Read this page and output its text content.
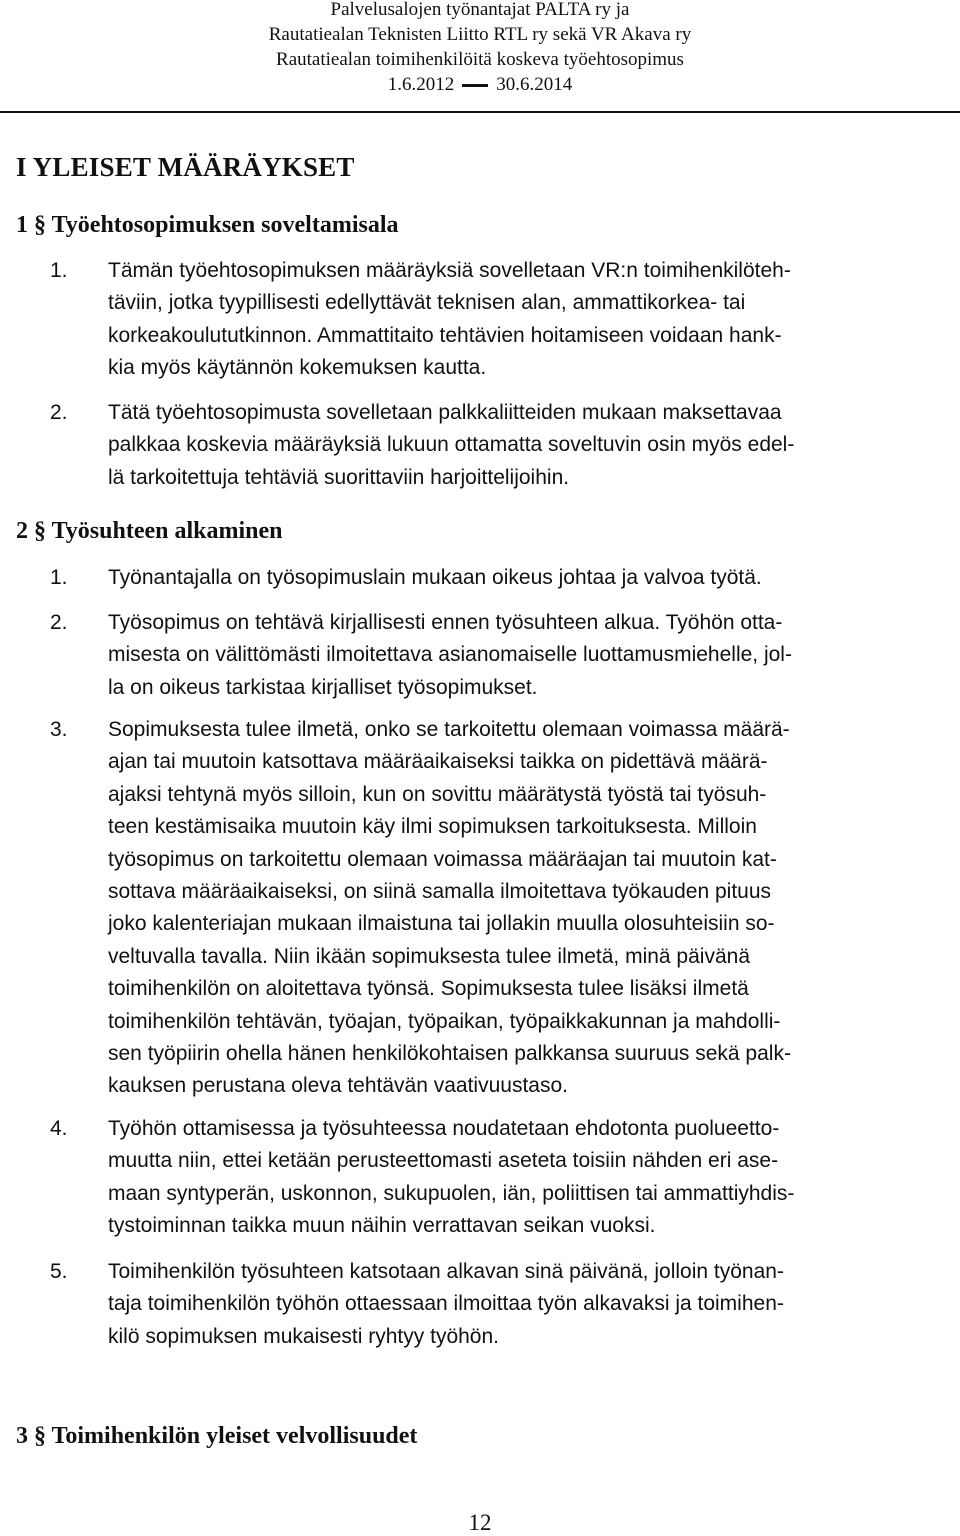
Palvelusalojen työnantajat PALTA ry ja
Rautatiealan Teknisten Liitto RTL ry sekä VR Akava ry
Rautatiealan toimihenkilöitä koskeva työehtosopimus
1.6.2012 30.6.2014
I YLEISET MÄÄRÄYKSET
1 § Työehtosopimuksen soveltamisala
1. Tämän työehtosopimuksen määräyksiä sovelletaan VR:n toimihenkilöteh-
täviin, jotka tyypillisesti edellyttävät teknisen alan, ammattikorkea- tai
korkeakoulututkinnon. Ammattitaito tehtävien hoitamiseen voidaan hank-
kia myös käytännön kokemuksen kautta.
2. Tätä työehtosopimusta sovelletaan palkkaliitteiden mukaan maksettavaa
palkkaa koskevia määräyksiä lukuun ottamatta soveltuvin osin myös edel-
lä tarkoitettuja tehtäviä suorittaviin harjoittelijoihin.
2 § Työsuhteen alkaminen
1. Työnantajalla on työsopimuslain mukaan oikeus johtaa ja valvoa työtä.
2. Työsopimus on tehtävä kirjallisesti ennen työsuhteen alkua. Työhön otta-
misesta on välittömästi ilmoitettava asianomaiselle luottamusmiehelle, jol-
la on oikeus tarkistaa kirjalliset työsopimukset.
3. Sopimuksesta tulee ilmetä, onko se tarkoitettu olemaan voimassa määrä-
ajan tai muutoin katsottava määräaikaiseksi taikka on pidettävä määrä-
ajaksi tehtynä myös silloin, kun on sovittu määrätystä työstä tai työsuh-
teen kestämisaika muutoin käy ilmi sopimuksen tarkoituksesta. Milloin
työsopimus on tarkoitettu olemaan voimassa määräajan tai muutoin kat-
sottava määräaikaiseksi, on siinä samalla ilmoitettava työkauden pituus
joko kalenteriajan mukaan ilmaistuna tai jollakin muulla olosuhteisiin so-
veltuvalla tavalla. Niin ikään sopimuksesta tulee ilmetä, minä päivänä
toimihenkilön on aloitettava työnsä. Sopimuksesta tulee lisäksi ilmetä
toimihenkilön tehtävän, työajan, työpaikan, työpaikkakunnan ja mahdolli-
sen työpiirin ohella hänen henkilökohtaisen palkkansa suuruus sekä palk-
kauksen perustana oleva tehtävän vaativuustaso.
4. Työhön ottamisessa ja työsuhteessa noudatetaan ehdotonta puolueetto-
muutta niin, ettei ketään perusteettomasti aseteta toisiin nähden eri ase-
maan syntyperän, uskonnon, sukupuolen, iän, poliittisen tai ammattiyhdis-
tystoiminnan taikka muun näihin verrattavan seikan vuoksi.
5. Toimihenkilön työsuhteen katsotaan alkavan sinä päivänä, jolloin työnan-
taja toimihenkilön työhön ottaessaan ilmoittaa työn alkavaksi ja toimihen-
kilö sopimuksen mukaisesti ryhtyy työhön.
3 § Toimihenkilön yleiset velvollisuudet
12
